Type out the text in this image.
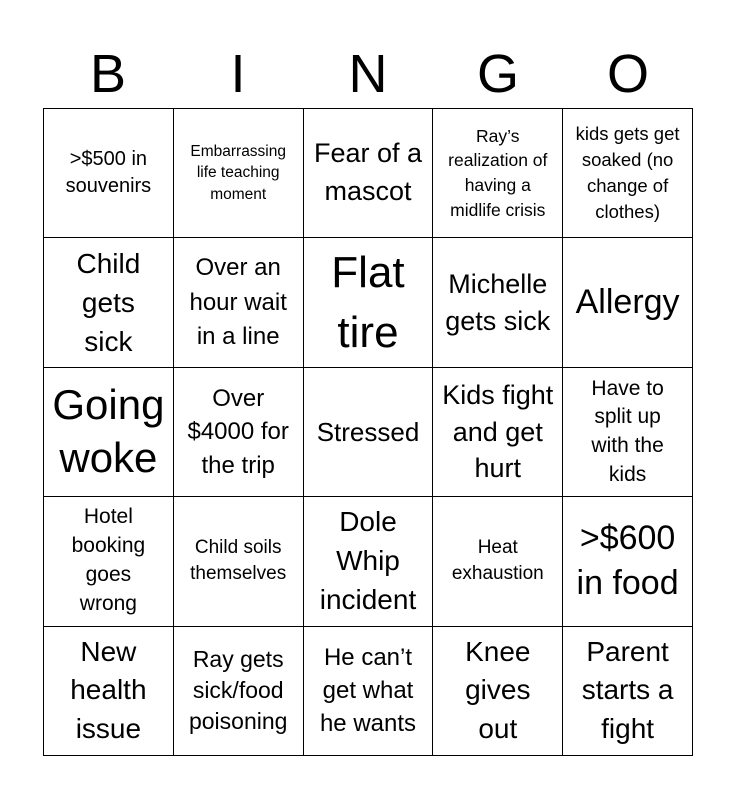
B	I	N	G	O
>$500 in souvenirs
Embarrassing life teaching moment
Fear of a mascot
Ray’s realization of having a midlife crisis
kids gets get soaked (no change of clothes)
Child gets sick
Over an hour wait in a line
Flat tire
Michelle gets sick Allergy
Going woke
Over $4000 for the trip
Stressed
Kids fight and get hurt
Have to split up with the kids
Hotel booking goes wrong
Child soils themselves
Dole Whip incident
Heat exhaustion
>$600 in food
New health issue
Ray gets sick/food poisoning
He can’t get what he wants
Knee gives out
Parent starts a fight
